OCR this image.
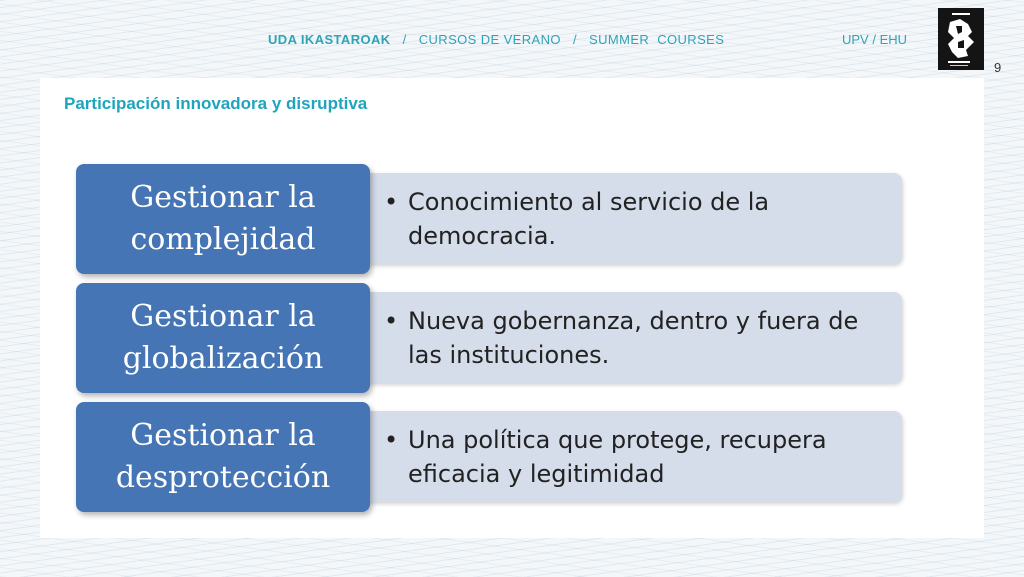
UDA IKASTAROAK / CURSOS DE VERANO / SUMMER  COURSES	UPV / EHU
9
Participación innovadora y disruptiva
• Conocimiento al servicio de la democracia.
Gestionar la
complejidad
• Nueva gobernanza, dentro y fuera de las instituciones.
Gestionar la
globalización
• Una política que protege, recupera eficacia y legitimidad
Gestionar la
desprotección
